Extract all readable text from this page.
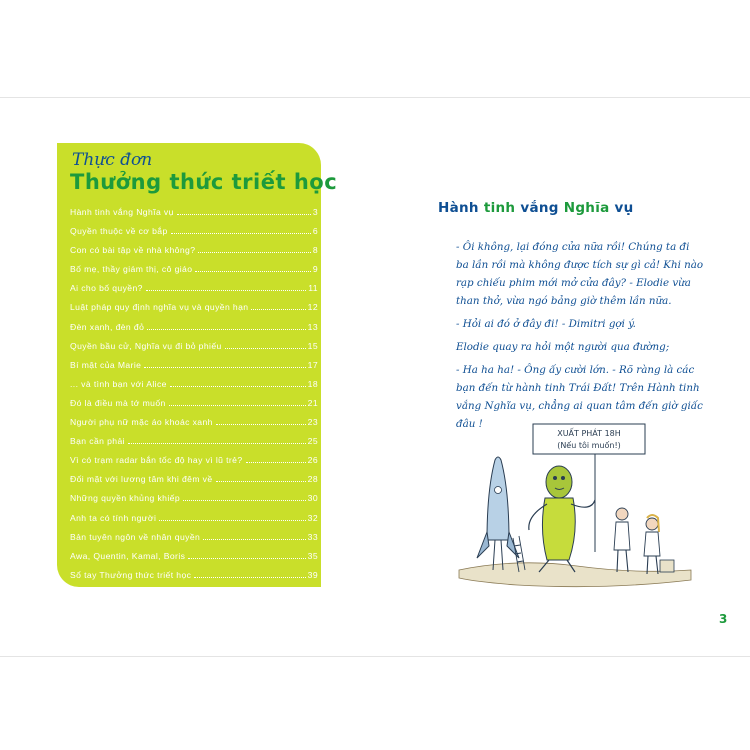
Thực đơn
Thưởng thức triết học
Hành tinh vắng Nghĩa vụ	3
Quyền thuộc về cơ bắp	6
Con có bài tập về nhà không?	8
Bố mẹ, thầy giám thị, cô giáo	9
Ai cho bố quyền?	11
Luật pháp quy định nghĩa vụ và quyền hạn	12
Đèn xanh, đèn đỏ	13
Quyền bầu cử, Nghĩa vụ đi bỏ phiếu	15
Bí mật của Marie	17
... và tình bạn với Alice	18
Đó là điều mà tớ muốn	21
Người phụ nữ mặc áo khoác xanh	23
Bạn cần phải	25
Vì có trạm radar bắn tốc độ hay vì lũ trẻ?	26
Đối mặt với lương tâm khi đêm về	28
Những quyền khủng khiếp	30
Anh ta có tính người	32
Bản tuyên ngôn về nhân quyền	33
Awa, Quentin, Kamal, Boris	35
Sổ tay Thưởng thức triết học	39
Hành tinh vắng Nghĩa vụ

- Ôi không, lại đóng cửa nữa rồi! Chúng ta đi ba lần rồi mà không được tích sự gì cả! Khi nào rạp chiếu phim mới mở cửa đây? - Elodie vừa than thở, vừa ngó bảng giờ thêm lần nữa.

- Hỏi ai đó ở đây đi! - Dimitri gợi ý.

Elodie quay ra hỏi một người qua đường;

- Ha ha ha! - Ông ấy cười lớn. - Rõ ràng là các bạn đến từ hành tinh Trái Đất! Trên Hành tinh vắng Nghĩa vụ, chẳng ai quan tâm đến giờ giấc đâu !

XUẤT PHÁT 18H
(Nếu tôi muốn!)
3
